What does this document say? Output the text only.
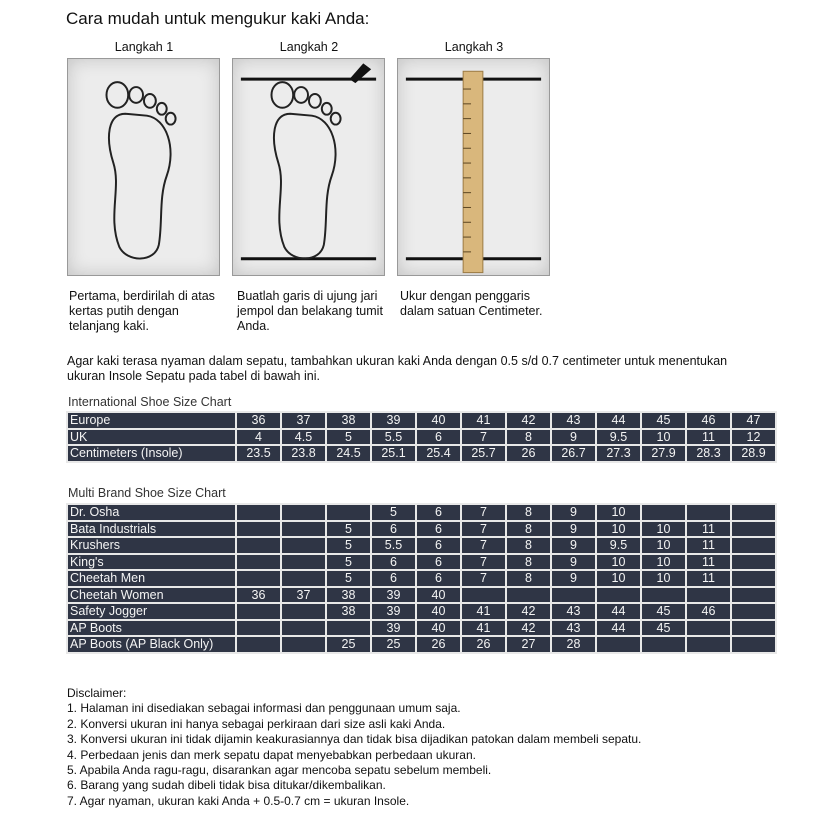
Cara mudah untuk mengukur kaki Anda:
Langkah 1	Langkah 2	Langkah 3
Pertama, berdirilah di atas kertas putih dengan telanjang kaki.
Buatlah garis di ujung jari jempol dan belakang tumit Anda.
Ukur dengan penggaris dalam satuan Centimeter.
Agar kaki terasa nyaman dalam sepatu, tambahkan ukuran kaki Anda dengan 0.5 s/d 0.7 centimeter untuk menentukan ukuran Insole Sepatu pada tabel di bawah ini.
International Shoe Size Chart
Europe	36	37	38	39	40	41	42	43	44	45	46	47
UK	4	4.5	5	5.5	6	7	8	9	9.5	10	11	12
Centimeters (Insole)	23.5	23.8	24.5	25.1	25.4	25.7	26	26.7	27.3	27.9	28.3	28.9
Multi Brand Shoe Size Chart
Dr. Osha				5	6	7	8	9	10			
Bata Industrials			5	6	6	7	8	9	10	10	11	
Krushers			5	5.5	6	7	8	9	9.5	10	11	
King's			5	6	6	7	8	9	10	10	11	
Cheetah Men			5	6	6	7	8	9	10	10	11	
Cheetah Women	36	37	38	39	40							
Safety Jogger			38	39	40	41	42	43	44	45	46	
AP Boots				39	40	41	42	43	44	45		
AP Boots (AP Black Only)			25	25	26	26	27	28				
Disclaimer:
1. Halaman ini disediakan sebagai informasi dan penggunaan umum saja.
2. Konversi ukuran ini hanya sebagai perkiraan dari size asli kaki Anda.
3. Konversi ukuran ini tidak dijamin keakurasiannya dan tidak bisa dijadikan patokan dalam membeli sepatu.
4. Perbedaan jenis dan merk sepatu dapat menyebabkan perbedaan ukuran.
5. Apabila Anda ragu-ragu, disarankan agar mencoba sepatu sebelum membeli.
6. Barang yang sudah dibeli tidak bisa ditukar/dikembalikan.
7. Agar nyaman, ukuran kaki Anda + 0.5-0.7 cm = ukuran Insole.
